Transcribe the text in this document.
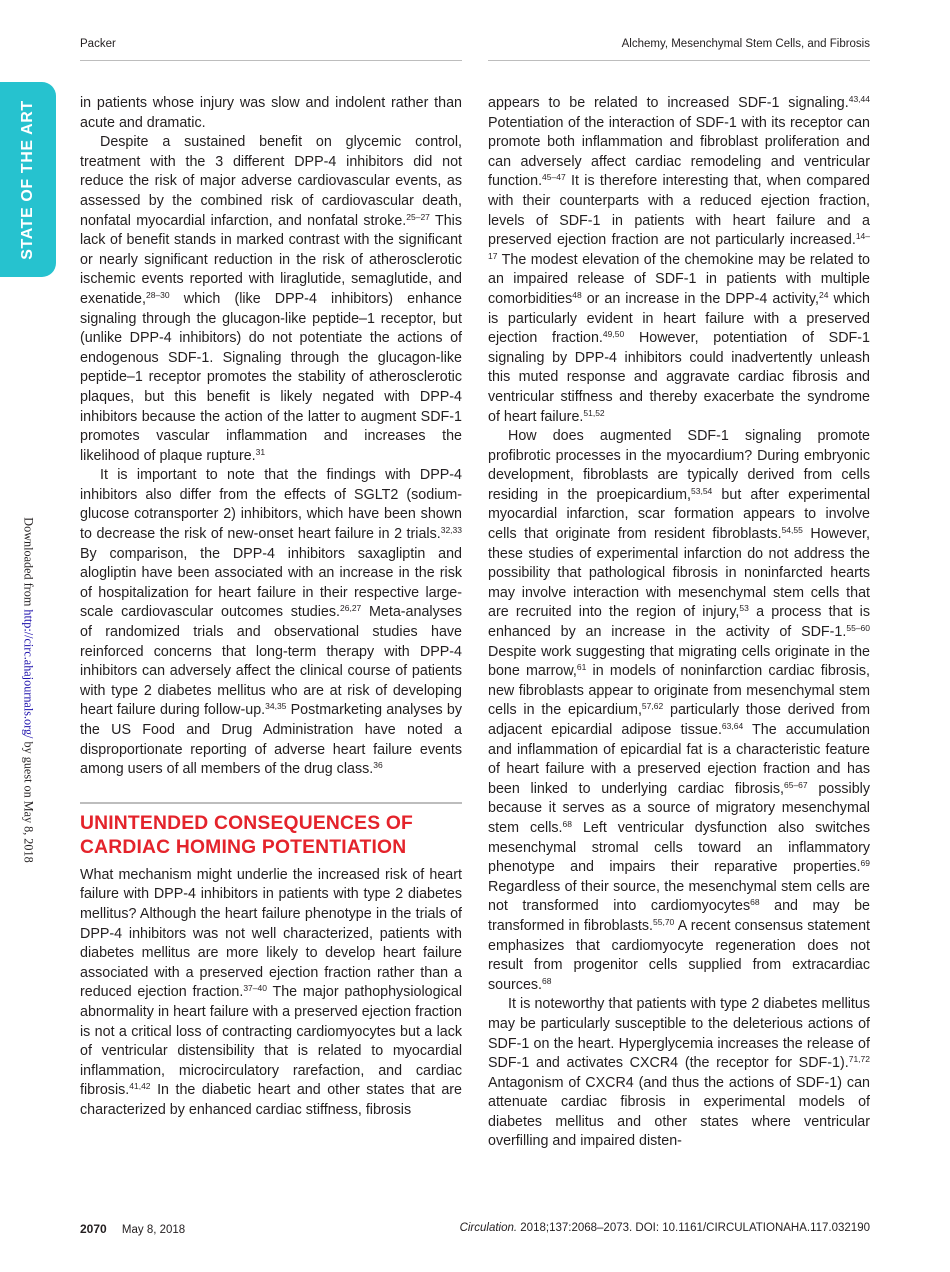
Packer	Alchemy, Mesenchymal Stem Cells, and Fibrosis
STATE OF THE ART
Downloaded from http://circ.ahajournals.org/ by guest on May 8, 2018

in patients whose injury was slow and indolent rather than acute and dramatic.

Despite a sustained benefit on glycemic control, treatment with the 3 different DPP-4 inhibitors did not reduce the risk of major adverse cardiovascular events, as assessed by the combined risk of cardiovascular death, nonfatal myocardial infarction, and nonfatal stroke.$^{25-27}$ This lack of benefit stands in marked contrast with the significant or nearly significant reduction in the risk of atherosclerotic ischemic events reported with liraglutide, semaglutide, and exenatide,$^{28-30}$ which (like DPP-4 inhibitors) enhance signaling through the glucagon-like peptide–1 receptor, but (unlike DPP-4 inhibitors) do not potentiate the actions of endogenous SDF-1. Signaling through the glucagon-like peptide–1 receptor promotes the stability of atherosclerotic plaques, but this benefit is likely negated with DPP-4 inhibitors because the action of the latter to augment SDF-1 promotes vascular inflammation and increases the likelihood of plaque rupture.$^{31}$

It is important to note that the findings with DPP-4 inhibitors also differ from the effects of SGLT2 (sodium-glucose cotransporter 2) inhibitors, which have been shown to decrease the risk of new-onset heart failure in 2 trials.$^{32,33}$ By comparison, the DPP-4 inhibitors saxagliptin and alogliptin have been associated with an increase in the risk of hospitalization for heart failure in their respective large-scale cardiovascular outcomes studies.$^{26,27}$ Meta-analyses of randomized trials and observational studies have reinforced concerns that long-term therapy with DPP-4 inhibitors can adversely affect the clinical course of patients with type 2 diabetes mellitus who are at risk of developing heart failure during follow-up.$^{34,35}$ Postmarketing analyses by the US Food and Drug Administration have noted a disproportionate reporting of adverse heart failure events among users of all members of the drug class.$^{36}$

UNINTENDED CONSEQUENCES OF
CARDIAC HOMING POTENTIATION

What mechanism might underlie the increased risk of heart failure with DPP-4 inhibitors in patients with type 2 diabetes mellitus? Although the heart failure phenotype in the trials of DPP-4 inhibitors was not well characterized, patients with diabetes mellitus are more likely to develop heart failure associated with a preserved ejection fraction rather than a reduced ejection fraction.$^{37-40}$ The major pathophysiological abnormality in heart failure with a preserved ejection fraction is not a critical loss of contracting cardiomyocytes but a lack of ventricular distensibility that is related to myocardial inflammation, microcirculatory rarefaction, and cardiac fibrosis.$^{41,42}$ In the diabetic heart and other states that are characterized by enhanced cardiac stiffness, fibrosis

appears to be related to increased SDF-1 signaling.$^{43,44}$ Potentiation of the interaction of SDF-1 with its receptor can promote both inflammation and fibroblast proliferation and can adversely affect cardiac remodeling and ventricular function.$^{45-47}$ It is therefore interesting that, when compared with their counterparts with a reduced ejection fraction, levels of SDF-1 in patients with heart failure and a preserved ejection fraction are not particularly increased.$^{14-17}$ The modest elevation of the chemokine may be related to an impaired release of SDF-1 in patients with multiple comorbidities$^{48}$ or an increase in the DPP-4 activity,$^{24}$ which is particularly evident in heart failure with a preserved ejection fraction.$^{49,50}$ However, potentiation of SDF-1 signaling by DPP-4 inhibitors could inadvertently unleash this muted response and aggravate cardiac fibrosis and ventricular stiffness and thereby exacerbate the syndrome of heart failure.$^{51,52}$

How does augmented SDF-1 signaling promote profibrotic processes in the myocardium? During embryonic development, fibroblasts are typically derived from cells residing in the proepicardium,$^{53,54}$ but after experimental myocardial infarction, scar formation appears to involve cells that originate from resident fibroblasts.$^{54,55}$ However, these studies of experimental infarction do not address the possibility that pathological fibrosis in noninfarcted hearts may involve interaction with mesenchymal stem cells that are recruited into the region of injury,$^{53}$ a process that is enhanced by an increase in the activity of SDF-1.$^{55-60}$ Despite work suggesting that migrating cells originate in the bone marrow,$^{61}$ in models of noninfarction cardiac fibrosis, new fibroblasts appear to originate from mesenchymal stem cells in the epicardium,$^{57,62}$ particularly those derived from adjacent epicardial adipose tissue.$^{63,64}$ The accumulation and inflammation of epicardial fat is a characteristic feature of heart failure with a preserved ejection fraction and has been linked to underlying cardiac fibrosis,$^{65-67}$ possibly because it serves as a source of migratory mesenchymal stem cells.$^{68}$ Left ventricular dysfunction also switches mesenchymal stromal cells toward an inflammatory phenotype and impairs their reparative properties.$^{69}$ Regardless of their source, the mesenchymal stem cells are not transformed into cardiomyocytes$^{68}$ and may be transformed in fibroblasts.$^{55,70}$ A recent consensus statement emphasizes that cardiomyocyte regeneration does not result from progenitor cells supplied from extracardiac sources.$^{68}$

It is noteworthy that patients with type 2 diabetes mellitus may be particularly susceptible to the deleterious actions of SDF-1 on the heart. Hyperglycemia increases the release of SDF-1 and activates CXCR4 (the receptor for SDF-1).$^{71,72}$ Antagonism of CXCR4 (and thus the actions of SDF-1) can attenuate cardiac fibrosis in experimental models of diabetes mellitus and other states where ventricular overfilling and impaired disten-

2070 May 8, 2018	Circulation. 2018;137:2068–2073. DOI: 10.1161/CIRCULATIONAHA.117.032190
